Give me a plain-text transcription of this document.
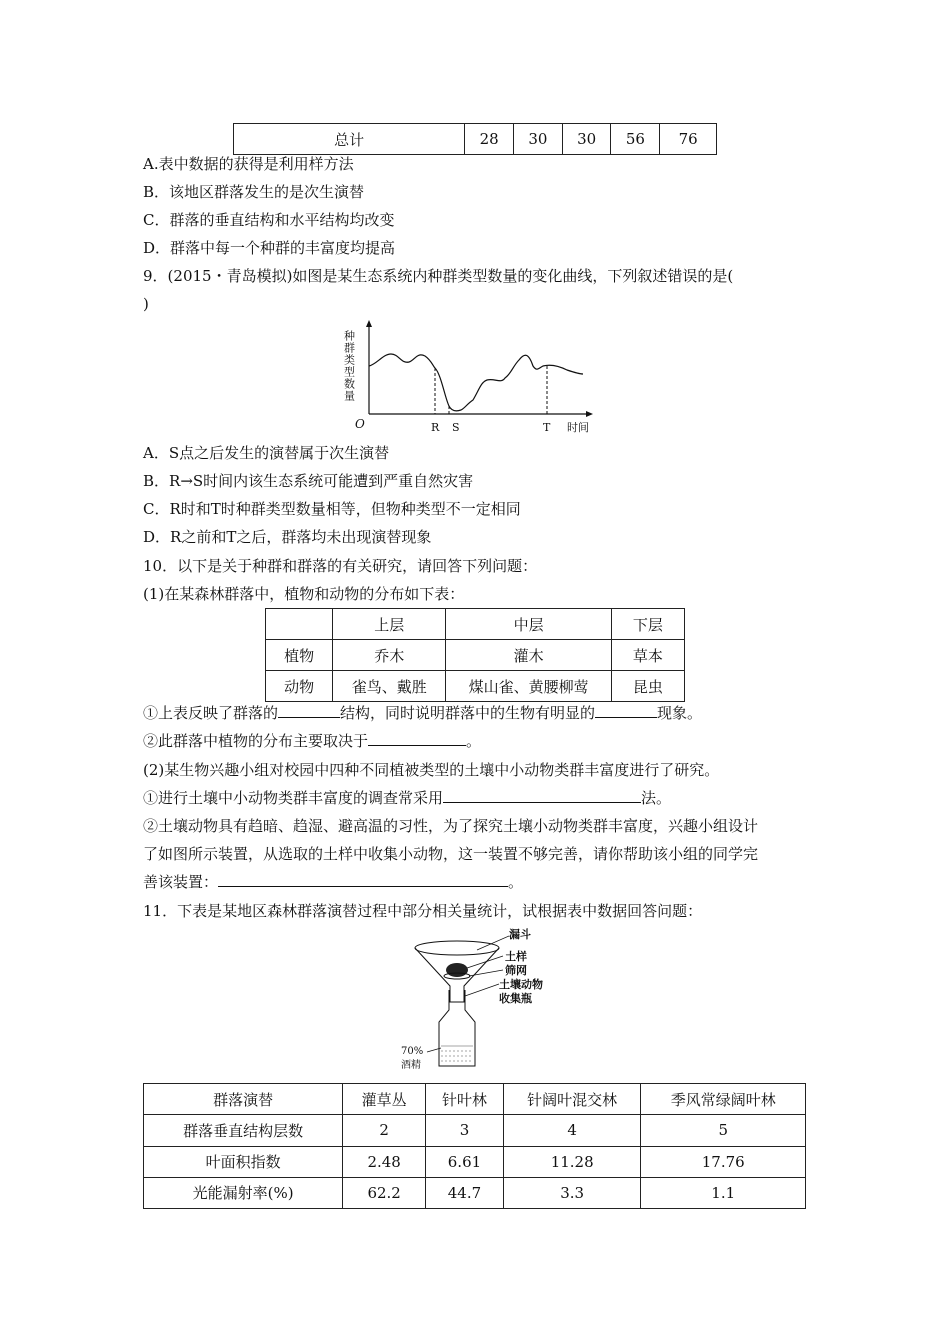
总计	28	30	30	56	76
A.表中数据的获得是利用样方法
B．该地区群落发生的是次生演替
C．群落的垂直结构和水平结构均改变
D．群落中每一个种群的丰富度均提高
9．(2015・青岛模拟)如图是某生态系统内种群类型数量的变化曲线，下列叙述错误的是(
)
种群类型数量
O	R S	T 时间
A．S点之后发生的演替属于次生演替
B．R→S时间内该生态系统可能遭到严重自然灾害
C．R时和T时种群类型数量相等，但物种类型不一定相同
D．R之前和T之后，群落均未出现演替现象
10．以下是关于种群和群落的有关研究，请回答下列问题：
(1)在某森林群落中，植物和动物的分布如下表：
	上层	中层	下层
植物	乔木	灌木	草本
动物	雀鸟、戴胜	煤山雀、黄腰柳莺	昆虫
①上表反映了群落的	结构，同时说明群落中的生物有明显的	现象。
②此群落中植物的分布主要取决于	。
(2)某生物兴趣小组对校园中四种不同植被类型的土壤中小动物类群丰富度进行了研究。
①进行土壤中小动物类群丰富度的调查常采用	法。
②土壤动物具有趋暗、趋湿、避高温的习性，为了探究土壤小动物类群丰富度，兴趣小组设计
了如图所示装置，从选取的土样中收集小动物，这一装置不够完善，请你帮助该小组的同学完
善该装置：	。
11．下表是某地区森林群落演替过程中部分相关量统计，试根据表中数据回答问题：
漏斗
土样
筛网
土壤动物
收集瓶
70%
酒精
群落演替	灌草丛	针叶林	针阔叶混交林	季风常绿阔叶林
群落垂直结构层数	2	3	4	5
叶面积指数	2.48	6.61	11.28	17.76
光能漏射率(%)	62.2	44.7	3.3	1.1
